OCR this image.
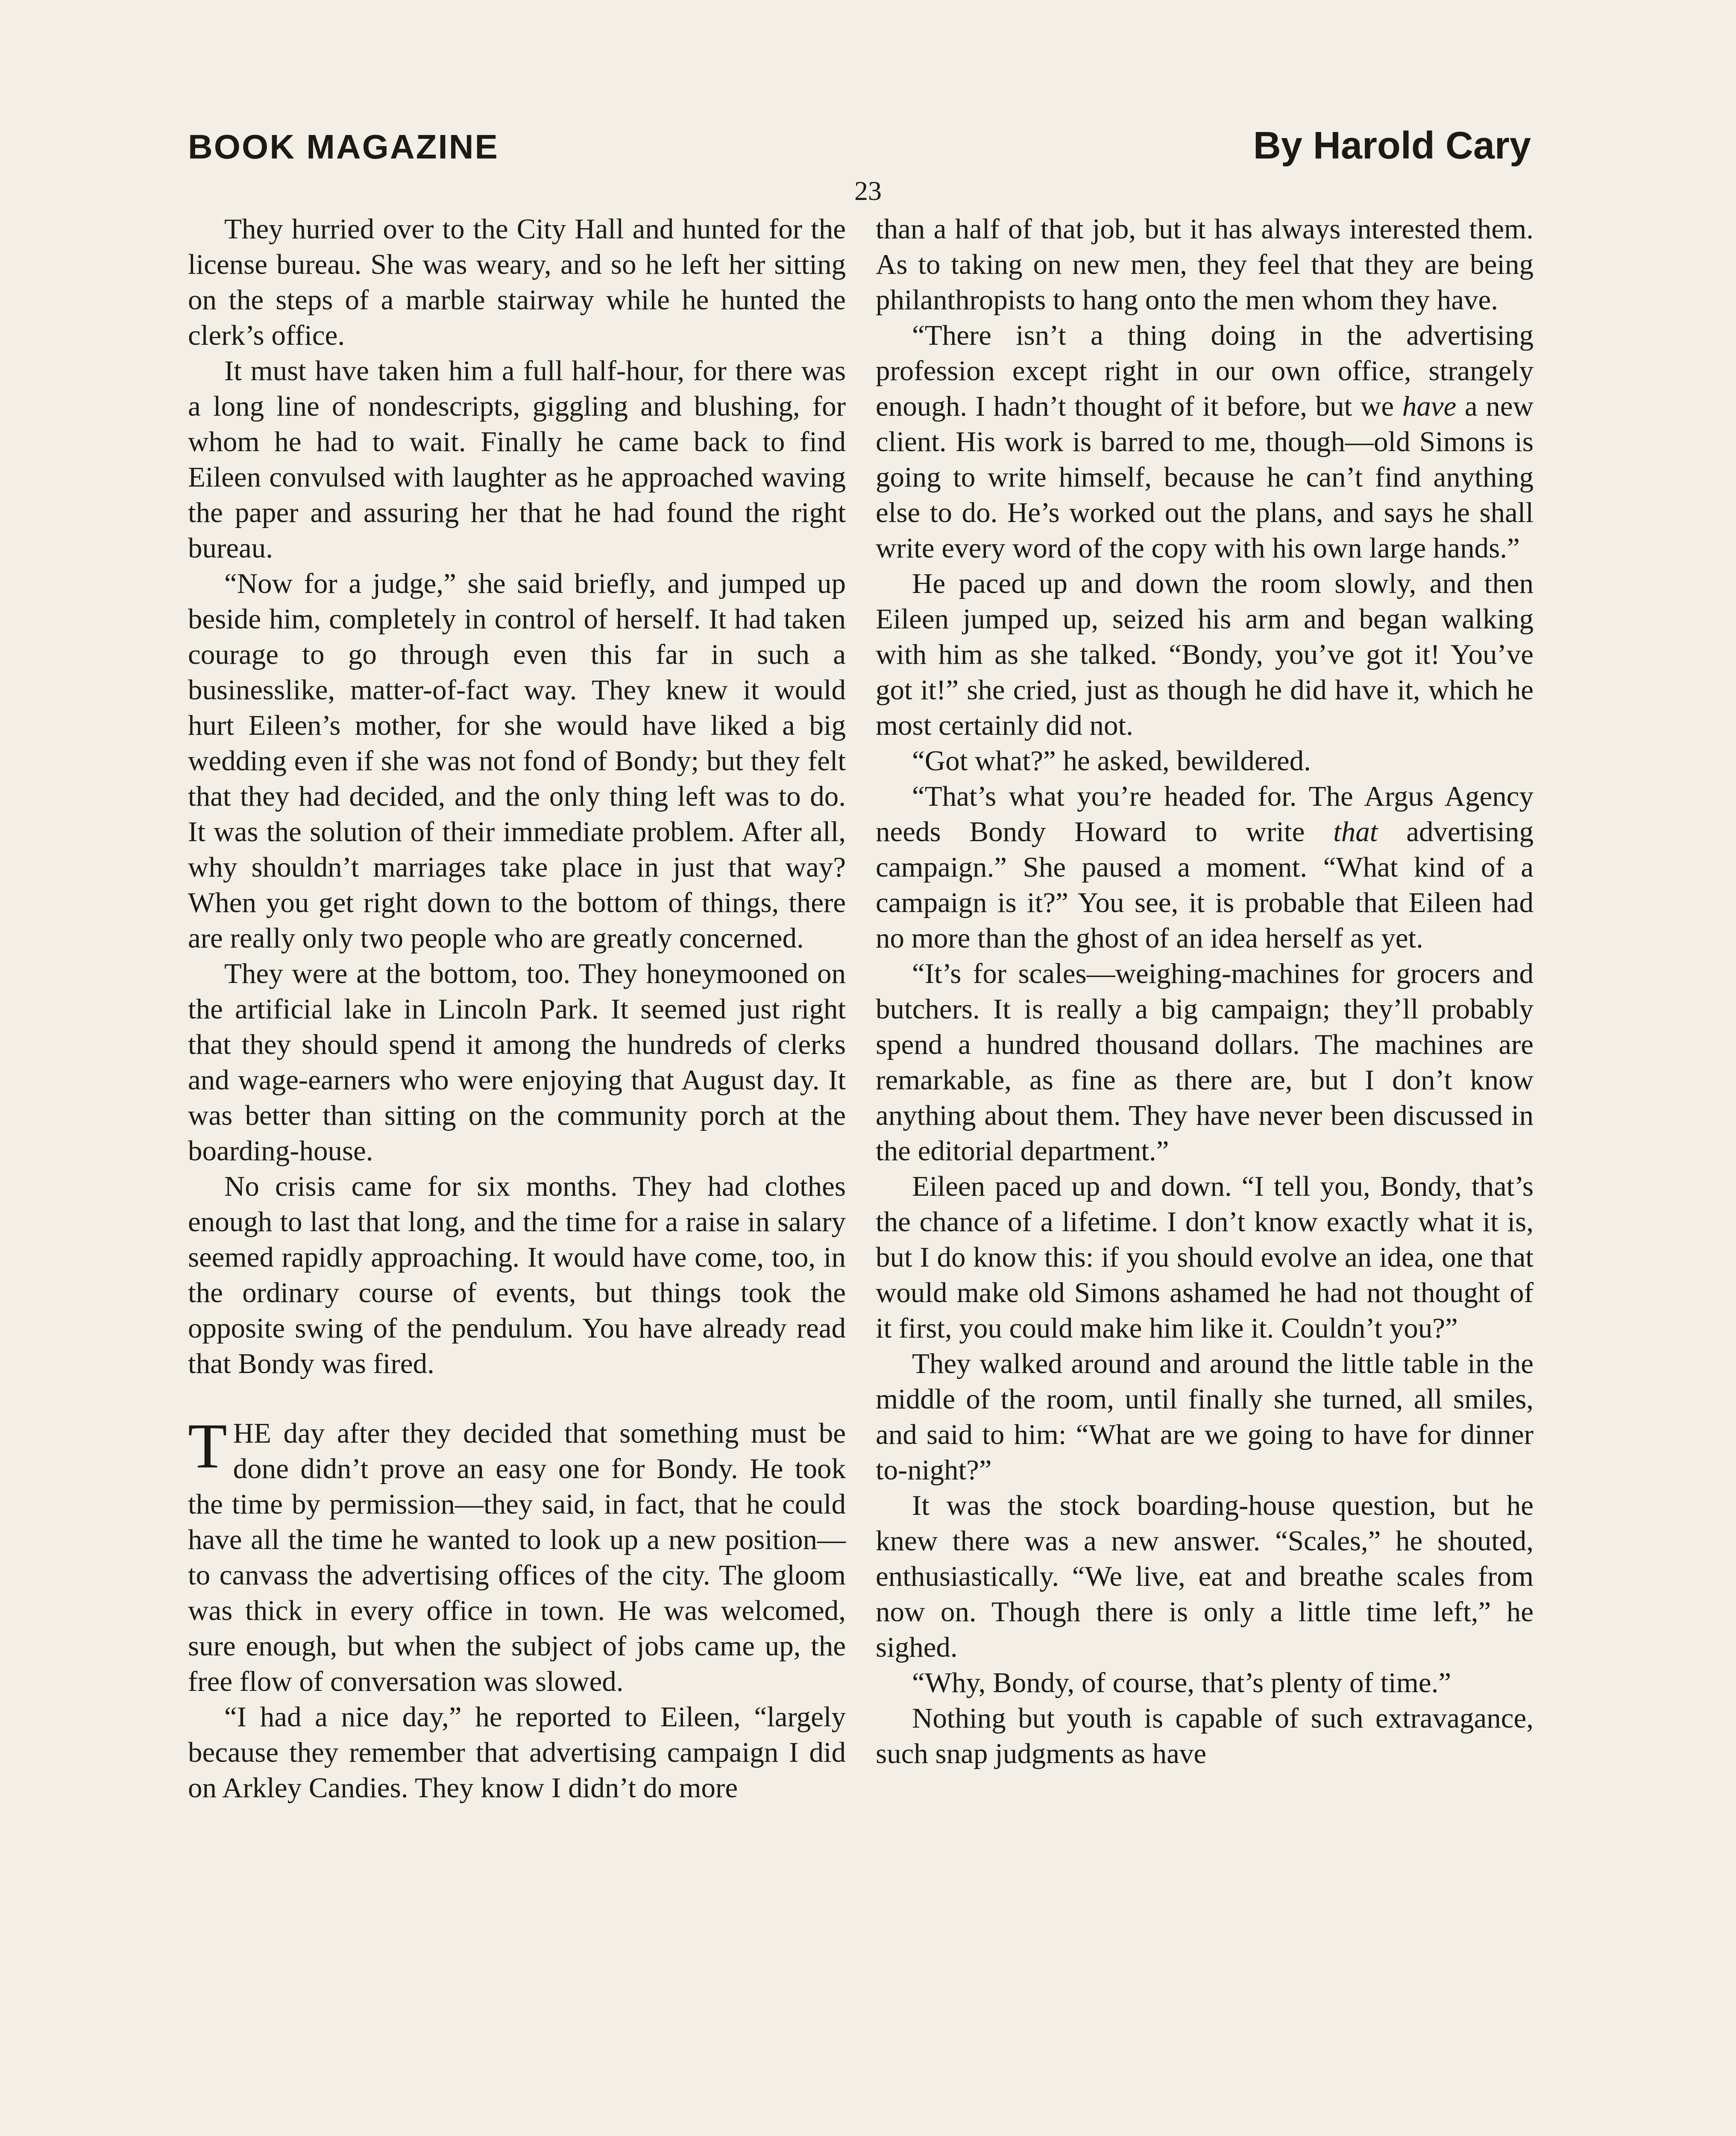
BOOK MAGAZINE	By Harold Cary
23

They hurried over to the City Hall and hunted for the license bureau. She was weary, and so he left her sitting on the steps of a marble stairway while he hunted the clerk’s office.

It must have taken him a full half-hour, for there was a long line of nondescripts, giggling and blushing, for whom he had to wait. Finally he came back to find Eileen convulsed with laughter as he approached waving the paper and assuring her that he had found the right bureau.

“Now for a judge,” she said briefly, and jumped up beside him, completely in control of herself. It had taken courage to go through even this far in such a businesslike, matter-of-fact way. They knew it would hurt Eileen’s mother, for she would have liked a big wedding even if she was not fond of Bondy; but they felt that they had decided, and the only thing left was to do. It was the solution of their immediate problem. After all, why shouldn’t marriages take place in just that way? When you get right down to the bottom of things, there are really only two people who are greatly concerned.

They were at the bottom, too. They honeymooned on the artificial lake in Lincoln Park. It seemed just right that they should spend it among the hundreds of clerks and wage-earners who were enjoying that August day. It was better than sitting on the community porch at the boarding-house.

No crisis came for six months. They had clothes enough to last that long, and the time for a raise in salary seemed rapidly approaching. It would have come, too, in the ordinary course of events, but things took the opposite swing of the pendulum. You have already read that Bondy was fired.

THE day after they decided that something must be done didn’t prove an easy one for Bondy. He took the time by permission—they said, in fact, that he could have all the time he wanted to look up a new position—to canvass the advertising offices of the city. The gloom was thick in every office in town. He was welcomed, sure enough, but when the subject of jobs came up, the free flow of conversation was slowed.

“I had a nice day,” he reported to Eileen, “largely because they remember that advertising campaign I did on Arkley Candies. They know I didn’t do more

than a half of that job, but it has always interested them. As to taking on new men, they feel that they are being philanthropists to hang onto the men whom they have.

“There isn’t a thing doing in the advertising profession except right in our own office, strangely enough. I hadn’t thought of it before, but we have a new client. His work is barred to me, though—old Simons is going to write himself, because he can’t find anything else to do. He’s worked out the plans, and says he shall write every word of the copy with his own large hands.”

He paced up and down the room slowly, and then Eileen jumped up, seized his arm and began walking with him as she talked. “Bondy, you’ve got it! You’ve got it!” she cried, just as though he did have it, which he most certainly did not.

“Got what?” he asked, bewildered.

“That’s what you’re headed for. The Argus Agency needs Bondy Howard to write that advertising campaign.” She paused a moment. “What kind of a campaign is it?” You see, it is probable that Eileen had no more than the ghost of an idea herself as yet.

“It’s for scales—weighing-machines for grocers and butchers. It is really a big campaign; they’ll probably spend a hundred thousand dollars. The machines are remarkable, as fine as there are, but I don’t know anything about them. They have never been discussed in the editorial department.”

Eileen paced up and down. “I tell you, Bondy, that’s the chance of a lifetime. I don’t know exactly what it is, but I do know this: if you should evolve an idea, one that would make old Simons ashamed he had not thought of it first, you could make him like it. Couldn’t you?”

They walked around and around the little table in the middle of the room, until finally she turned, all smiles, and said to him: “What are we going to have for dinner to-night?”

It was the stock boarding-house question, but he knew there was a new answer. “Scales,” he shouted, enthusiastically. “We live, eat and breathe scales from now on. Though there is only a little time left,” he sighed.

“Why, Bondy, of course, that’s plenty of time.”

Nothing but youth is capable of such extravagance, such snap judgments as have
